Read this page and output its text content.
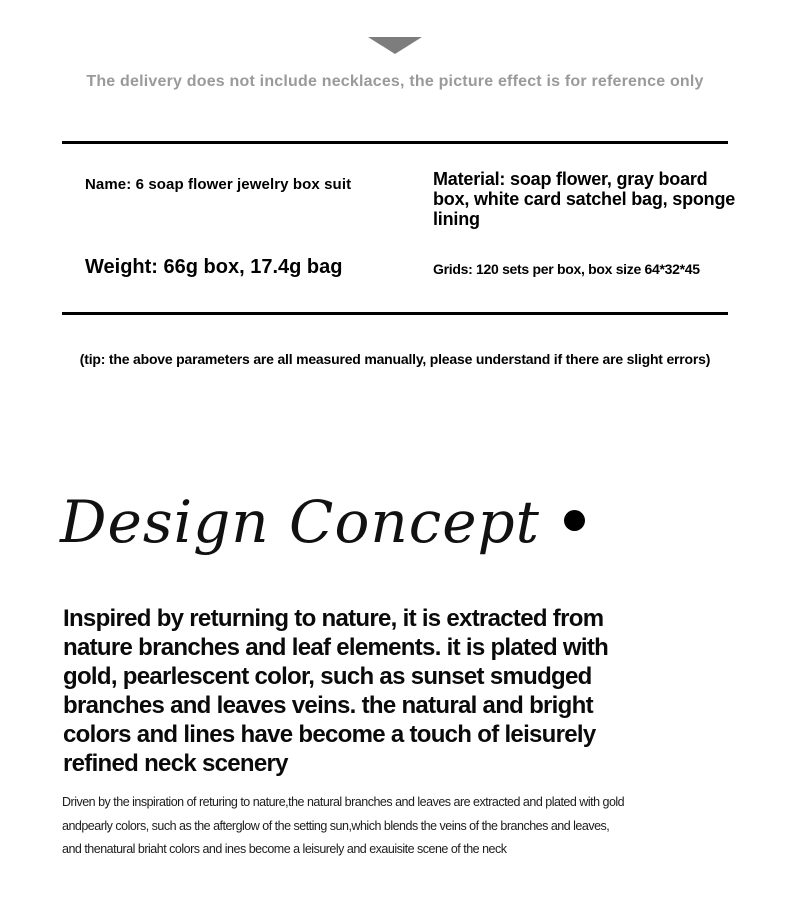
The delivery does not include necklaces, the picture effect is for reference only
Name: 6 soap flower jewelry box suit	Material: soap flower, gray board
box, white card satchel bag, sponge
lining
Weight: 66g box, 17.4g bag	Grids: 120 sets per box, box size 64*32*45
(tip: the above parameters are all measured manually, please understand if there are slight errors)
Design Concept
Inspired by returning to nature, it is extracted from
nature branches and leaf elements. it is plated with
gold, pearlescent color, such as sunset smudged
branches and leaves veins. the natural and bright
colors and lines have become a touch of leisurely
refined neck scenery
Driven by the inspiration of returing to nature,the natural branches and leaves are extracted and plated with gold
andpearly colors, such as the afterglow of the setting sun,which blends the veins of the branches and leaves,
and thenatural briaht colors and ines become a leisurely and exauisite scene of the neck
